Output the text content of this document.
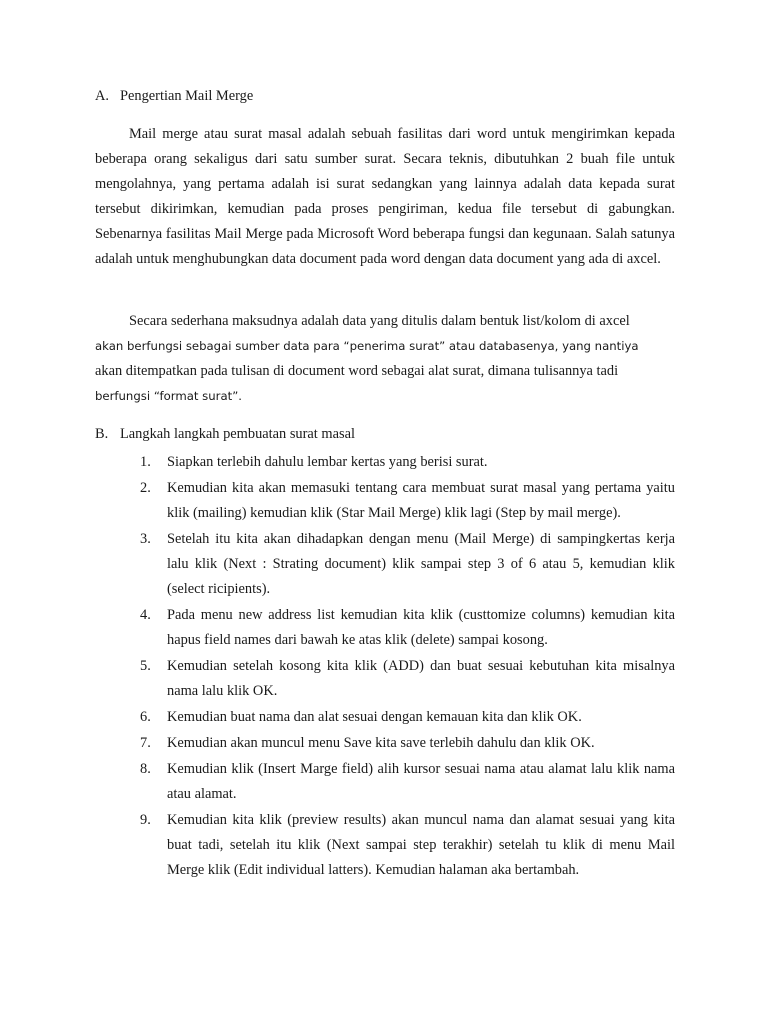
A. Pengertian Mail Merge

Mail merge atau surat masal adalah sebuah fasilitas dari word untuk mengirimkan kepada beberapa orang sekaligus dari satu sumber surat. Secara teknis, dibutuhkan 2 buah file untuk mengolahnya, yang pertama adalah isi surat sedangkan yang lainnya adalah data kepada surat tersebut dikirimkan, kemudian pada proses pengiriman, kedua file tersebut di gabungkan. Sebenarnya fasilitas Mail Merge pada Microsoft Word beberapa fungsi dan kegunaan. Salah satunya adalah untuk menghubungkan data document pada word dengan data document yang ada di axcel.

Secara sederhana maksudnya adalah data yang ditulis dalam bentuk list/kolom di axcel
akan berfungsi sebagai sumber data para “penerima surat” atau databasenya, yang nantiya
akan ditempatkan pada tulisan di document word sebagai alat surat, dimana tulisannya tadi
berfungsi “format surat”.
B. Langkah langkah pembuatan surat masal
1. Siapkan terlebih dahulu lembar kertas yang berisi surat.
2. Kemudian kita akan memasuki tentang cara membuat surat masal yang pertama yaitu klik (mailing) kemudian klik (Star Mail Merge) klik lagi (Step by mail merge).
3. Setelah itu kita akan dihadapkan dengan menu (Mail Merge) di sampingkertas kerja lalu klik (Next : Strating document) klik sampai step 3 of 6 atau 5, kemudian klik (select ricipients).
4. Pada menu new address list kemudian kita klik (custtomize columns) kemudian kita hapus field names dari bawah ke atas klik (delete) sampai kosong.
5. Kemudian setelah kosong kita klik (ADD) dan buat sesuai kebutuhan kita misalnya nama lalu klik OK.
6. Kemudian buat nama dan alat sesuai dengan kemauan kita dan klik OK.
7. Kemudian akan muncul menu Save kita save terlebih dahulu dan klik OK.
8. Kemudian klik (Insert Marge field) alih kursor sesuai nama atau alamat lalu klik nama atau alamat.
9. Kemudian kita klik (preview results) akan muncul nama dan alamat sesuai yang kita buat tadi, setelah itu klik (Next sampai step terakhir) setelah tu klik di menu Mail Merge klik (Edit individual latters). Kemudian halaman aka bertambah.
